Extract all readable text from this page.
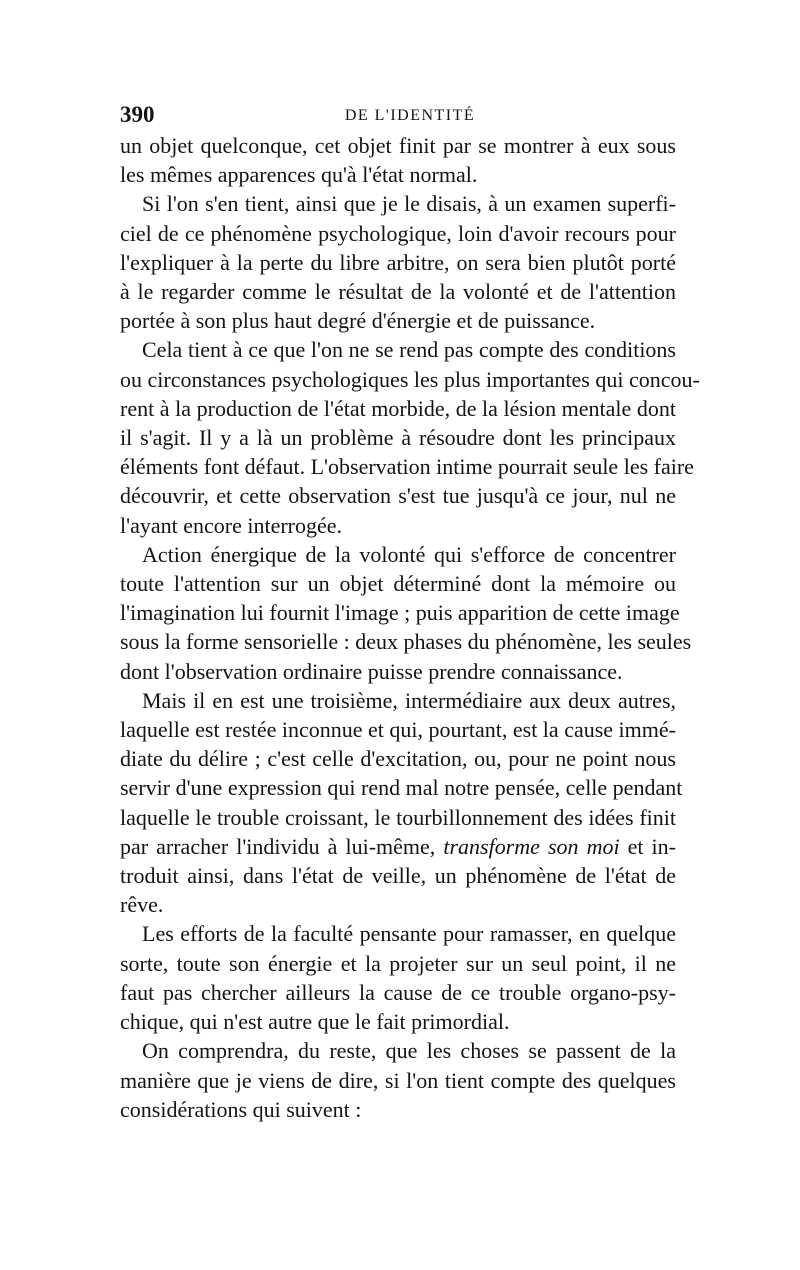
390	DE L'IDENTITÉ

un objet quelconque, cet objet finit par se montrer à eux sous
les mêmes apparences qu'à l'état normal.

Si l'on s'en tient, ainsi que je le disais, à un examen superfi-
ciel de ce phénomène psychologique, loin d'avoir recours pour
l'expliquer à la perte du libre arbitre, on sera bien plutôt porté
à le regarder comme le résultat de la volonté et de l'attention
portée à son plus haut degré d'énergie et de puissance.

Cela tient à ce que l'on ne se rend pas compte des conditions
ou circonstances psychologiques les plus importantes qui concou-
rent à la production de l'état morbide, de la lésion mentale dont
il s'agit. Il y a là un problème à résoudre dont les principaux
éléments font défaut. L'observation intime pourrait seule les faire
découvrir, et cette observation s'est tue jusqu'à ce jour, nul ne
l'ayant encore interrogée.

Action énergique de la volonté qui s'efforce de concentrer
toute l'attention sur un objet déterminé dont la mémoire ou
l'imagination lui fournit l'image ; puis apparition de cette image
sous la forme sensorielle : deux phases du phénomène, les seules
dont l'observation ordinaire puisse prendre connaissance.

Mais il en est une troisième, intermédiaire aux deux autres,
laquelle est restée inconnue et qui, pourtant, est la cause immé-
diate du délire ; c'est celle d'excitation, ou, pour ne point nous
servir d'une expression qui rend mal notre pensée, celle pendant
laquelle le trouble croissant, le tourbillonnement des idées finit
par arracher l'individu à lui-même, transforme son moi et in-
troduit ainsi, dans l'état de veille, un phénomène de l'état de
rêve.

Les efforts de la faculté pensante pour ramasser, en quelque
sorte, toute son énergie et la projeter sur un seul point, il ne
faut pas chercher ailleurs la cause de ce trouble organo-psy-
chique, qui n'est autre que le fait primordial.

On comprendra, du reste, que les choses se passent de la
manière que je viens de dire, si l'on tient compte des quelques
considérations qui suivent :
